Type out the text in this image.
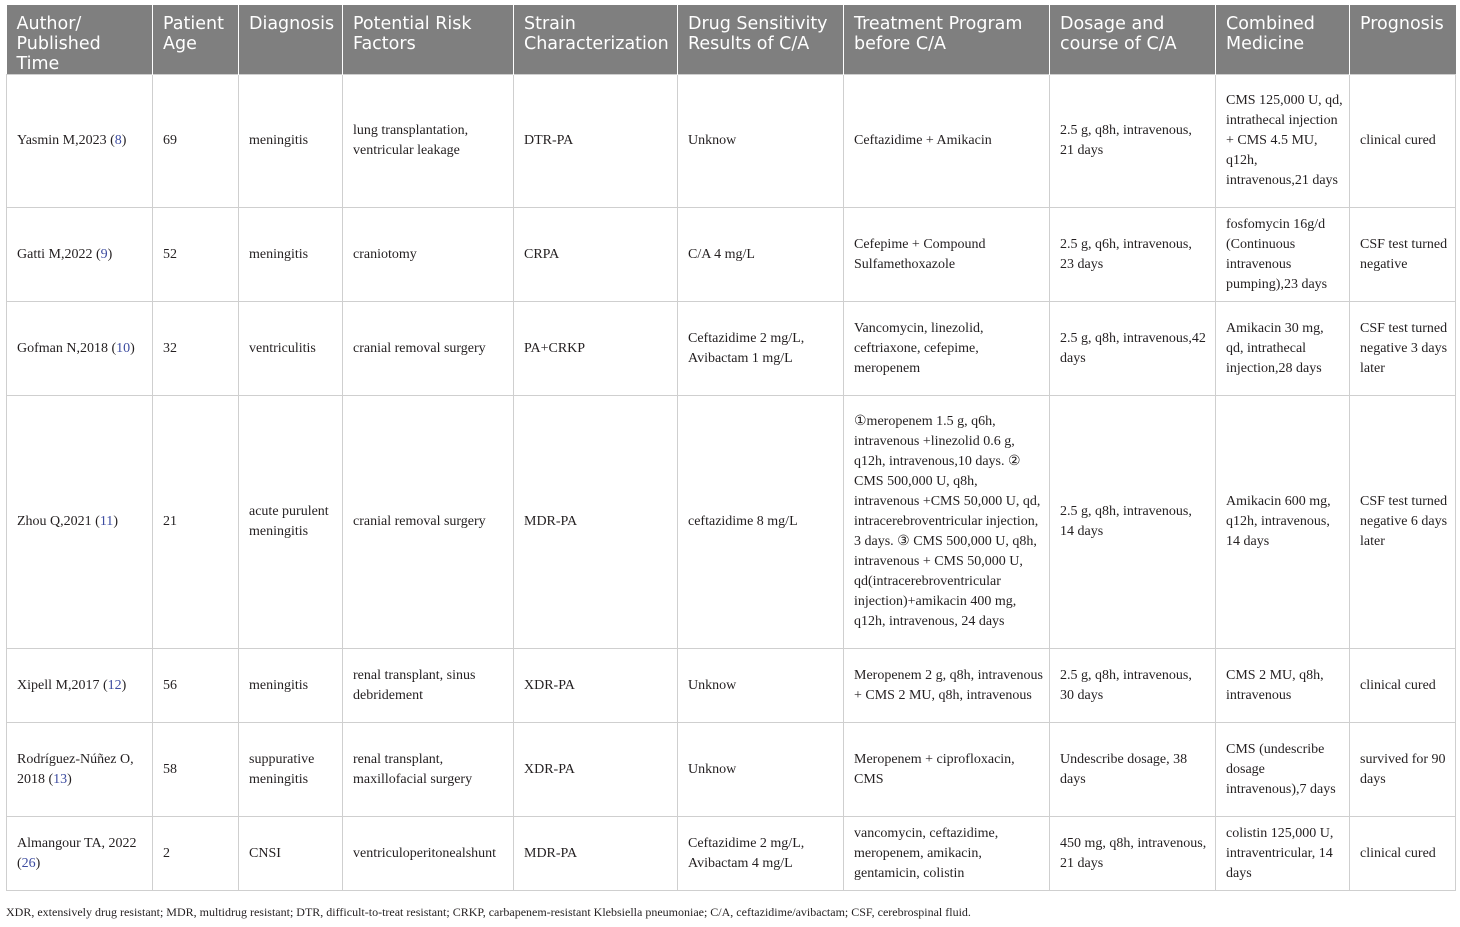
Author/ Published Time	Patient Age	Diagnosis	Potential Risk Factors	Strain Characterization	Drug Sensitivity Results of C/A	Treatment Program before C/A	Dosage and course of C/A	Combined Medicine	Prognosis
Yasmin M,2023 (8)	69	meningitis	lung transplantation, ventricular leakage	DTR-PA	Unknow	Ceftazidime + Amikacin	2.5 g, q8h, intravenous, 21 days	CMS 125,000 U, qd, intrathecal injection + CMS 4.5 MU, q12h, intravenous,21 days	clinical cured
Gatti M,2022 (9)	52	meningitis	craniotomy	CRPA	C/A 4 mg/L	Cefepime + Compound Sulfamethoxazole	2.5 g, q6h, intravenous, 23 days	fosfomycin 16g/d (Continuous intravenous pumping),23 days	CSF test turned negative
Gofman N,2018 (10)	32	ventriculitis	cranial removal surgery	PA+CRKP	Ceftazidime 2 mg/L, Avibactam 1 mg/L	Vancomycin, linezolid, ceftriaxone, cefepime, meropenem	2.5 g, q8h, intravenous,42 days	Amikacin 30 mg, qd, intrathecal injection,28 days	CSF test turned negative 3 days later
Zhou Q,2021 (11)	21	acute purulent meningitis	cranial removal surgery	MDR-PA	ceftazidime 8 mg/L	①meropenem 1.5 g, q6h, intravenous +linezolid 0.6 g, q12h, intravenous,10 days. ② CMS 500,000 U, q8h, intravenous +CMS 50,000 U, qd, intracerebroventricular injection, 3 days. ③ CMS 500,000 U, q8h, intravenous + CMS 50,000 U, qd(intracerebroventricular injection)+amikacin 400 mg, q12h, intravenous, 24 days	2.5 g, q8h, intravenous, 14 days	Amikacin 600 mg, q12h, intravenous, 14 days	CSF test turned negative 6 days later
Xipell M,2017 (12)	56	meningitis	renal transplant, sinus debridement	XDR-PA	Unknow	Meropenem 2 g, q8h, intravenous + CMS 2 MU, q8h, intravenous	2.5 g, q8h, intravenous, 30 days	CMS 2 MU, q8h, intravenous	clinical cured
Rodríguez-Núñez O, 2018 (13)	58	suppurative meningitis	renal transplant, maxillofacial surgery	XDR-PA	Unknow	Meropenem + ciprofloxacin, CMS	Undescribe dosage, 38 days	CMS (undescribe dosage intravenous),7 days	survived for 90 days
Almangour TA, 2022 (26)	2	CNSI	ventriculoperitonealshunt	MDR-PA	Ceftazidime 2 mg/L, Avibactam 4 mg/L	vancomycin, ceftazidime, meropenem, amikacin, gentamicin, colistin	450 mg, q8h, intravenous, 21 days	colistin 125,000 U, intraventricular, 14 days	clinical cured
XDR, extensively drug resistant; MDR, multidrug resistant; DTR, difficult-to-treat resistant; CRKP, carbapenem-resistant Klebsiella pneumoniae; C/A, ceftazidime/avibactam; CSF, cerebrospinal fluid.
